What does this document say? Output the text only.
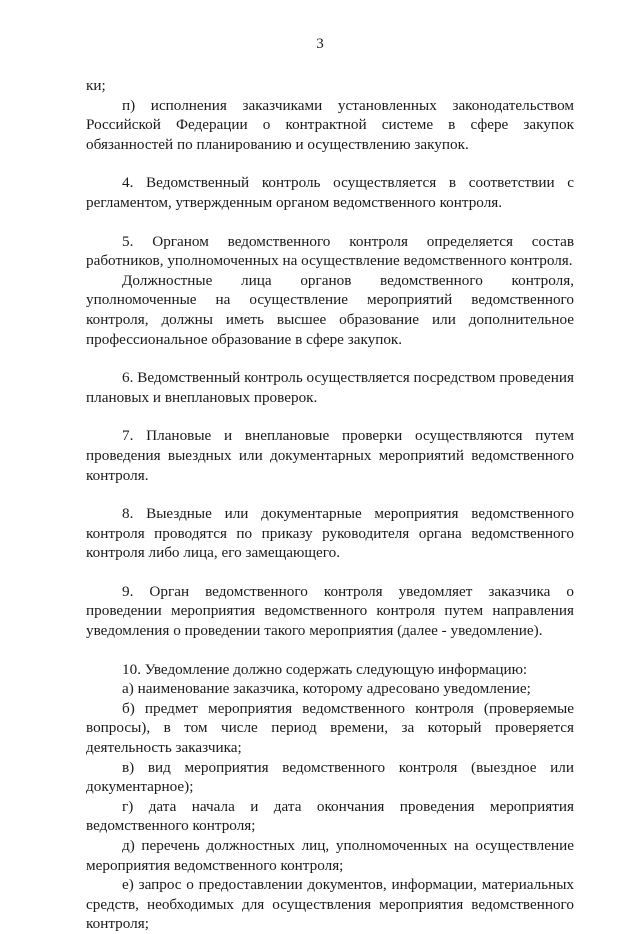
3

ки;

п) исполнения заказчиками установленных законодательством Российской Федерации о контрактной системе в сфере закупок обязанностей по планированию и осуществлению закупок.

4. Ведомственный контроль осуществляется в соответствии с регламентом, утвержденным органом ведомственного контроля.

5. Органом ведомственного контроля определяется состав работников, уполномоченных на осуществление ведомственного контроля.

Должностные лица органов ведомственного контроля, уполномоченные на осуществление мероприятий ведомственного контроля, должны иметь высшее образование или дополнительное профессиональное образование в сфере закупок.

6. Ведомственный контроль осуществляется посредством проведения плановых и внеплановых проверок.

7. Плановые и внеплановые проверки осуществляются путем проведения выездных или документарных мероприятий ведомственного контроля.

8. Выездные или документарные мероприятия ведомственного контроля проводятся по приказу руководителя органа ведомственного контроля либо лица, его замещающего.

9. Орган ведомственного контроля уведомляет заказчика о проведении мероприятия ведомственного контроля путем направления уведомления о проведении такого мероприятия (далее - уведомление).

10. Уведомление должно содержать следующую информацию:

а) наименование заказчика, которому адресовано уведомление;

б) предмет мероприятия ведомственного контроля (проверяемые вопросы), в том числе период времени, за который проверяется деятельность заказчика;

в) вид мероприятия ведомственного контроля (выездное или документарное);

г) дата начала и дата окончания проведения мероприятия ведомственного контроля;

д) перечень должностных лиц, уполномоченных на осуществление мероприятия ведомственного контроля;

е) запрос о предоставлении документов, информации, материальных средств, необходимых для осуществления мероприятия ведомственного контроля;
